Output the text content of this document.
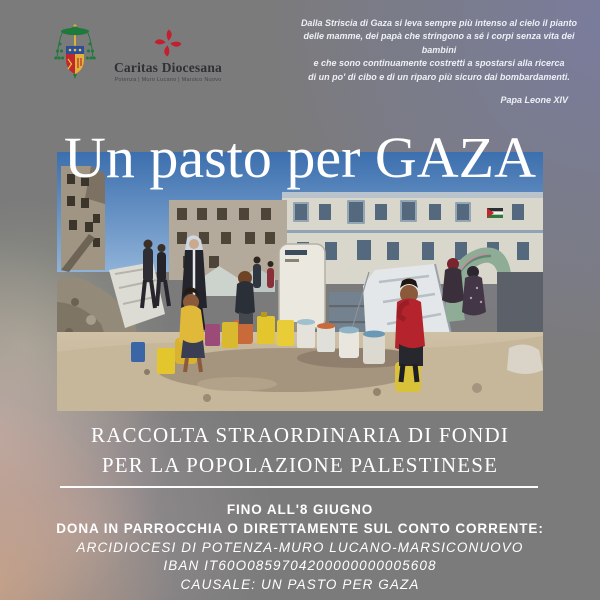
Caritas Diocesana
Potenza | Muro Lucano | Marsico Nuovo
Dalla Striscia di Gaza si leva sempre più intenso al cielo il pianto
delle mamme, dei papà che stringono a sé i corpi senza vita dei bambini
e che sono continuamente costretti a spostarsi alla ricerca
di un po' di cibo e di un riparo più sicuro dai bombardamenti.
Papa Leone XIV
Un pasto per GAZA
RACCOLTA STRAORDINARIA DI FONDI
PER LA POPOLAZIONE PALESTINESE
FINO ALL'8 GIUGNO
DONA IN PARROCCHIA O DIRETTAMENTE SUL CONTO CORRENTE:
ARCIDIOCESI DI POTENZA-MURO LUCANO-MARSICONUOVO
IBAN IT60O0859704200000000005608
CAUSALE: UN PASTO PER GAZA
